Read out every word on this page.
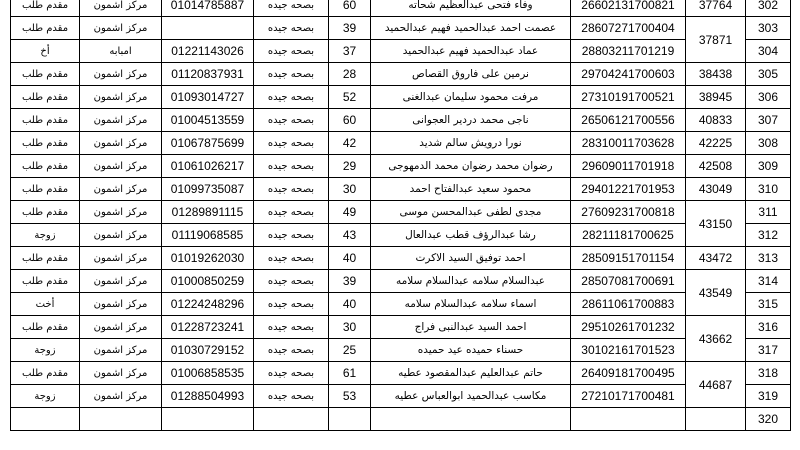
302	37764	26602131700821	وفاء فتحى عبدالعظيم شحاته	60	بصحه جيده	01014785887	مركز اشمون	مقدم طلب
303	37871	28607271700404	عصمت احمد عبدالحميد فهيم عبدالحميد	39	بصحه جيده		مركز اشمون	مقدم طلب
304		28803211701219	عماد عبدالحميد فهيم عبدالحميد	37	بصحه جيده	01221143026	امبابه	أخ
305	38438	29704241700603	نرمين على فاروق القصاص	28	بصحه جيده	01120837931	مركز اشمون	مقدم طلب
306	38945	27310191700521	مرفت محمود سليمان عبدالغنى	52	بصحه جيده	01093014727	مركز اشمون	مقدم طلب
307	40833	26506121700556	ناجى محمد دردير العجوانى	60	بصحه جيده	01004513559	مركز اشمون	مقدم طلب
308	42225	28310011703628	نورا درويش سالم شديد	42	بصحه جيده	01067875699	مركز اشمون	مقدم طلب
309	42508	29609011701918	رضوان محمد رضوان محمد الدمهوجى	29	بصحه جيده	01061026217	مركز اشمون	مقدم طلب
310	43049	29401221701953	محمود سعيد عبدالفتاح احمد	30	بصحه جيده	01099735087	مركز اشمون	مقدم طلب
311	43150	27609231700818	مجدى لطفى عبدالمحسن موسى	49	بصحه جيده	01289891115	مركز اشمون	مقدم طلب
312		28211181700625	رشا عبدالرؤف قطب عبدالعال	43	بصحه جيده	01119068585	مركز اشمون	زوجة
313	43472	28509151701154	احمد توفيق السيد الاكرت	40	بصحه جيده	01019262030	مركز اشمون	مقدم طلب
314	43549	28507081700691	عبدالسلام سلامه عبدالسلام سلامه	39	بصحه جيده	01000850259	مركز اشمون	مقدم طلب
315		28611061700883	اسماء سلامه عبدالسلام سلامه	40	بصحه جيده	01224248296	مركز اشمون	أخت
316	43662	29510261701232	احمد السيد عبدالنبى فراج	30	بصحه جيده	01228723241	مركز اشمون	مقدم طلب
317		30102161701523	حسناء حميده عيد حميده	25	بصحه جيده	01030729152	مركز اشمون	زوجة
318	44687	26409181700495	حاتم عبدالعليم عبدالمقصود عطيه	61	بصحه جيده	01006858535	مركز اشمون	مقدم طلب
319		27210171700481	مكاسب عبدالحميد ابوالعباس عطيه	53	بصحه جيده	01288504993	مركز اشمون	زوجة
320								
